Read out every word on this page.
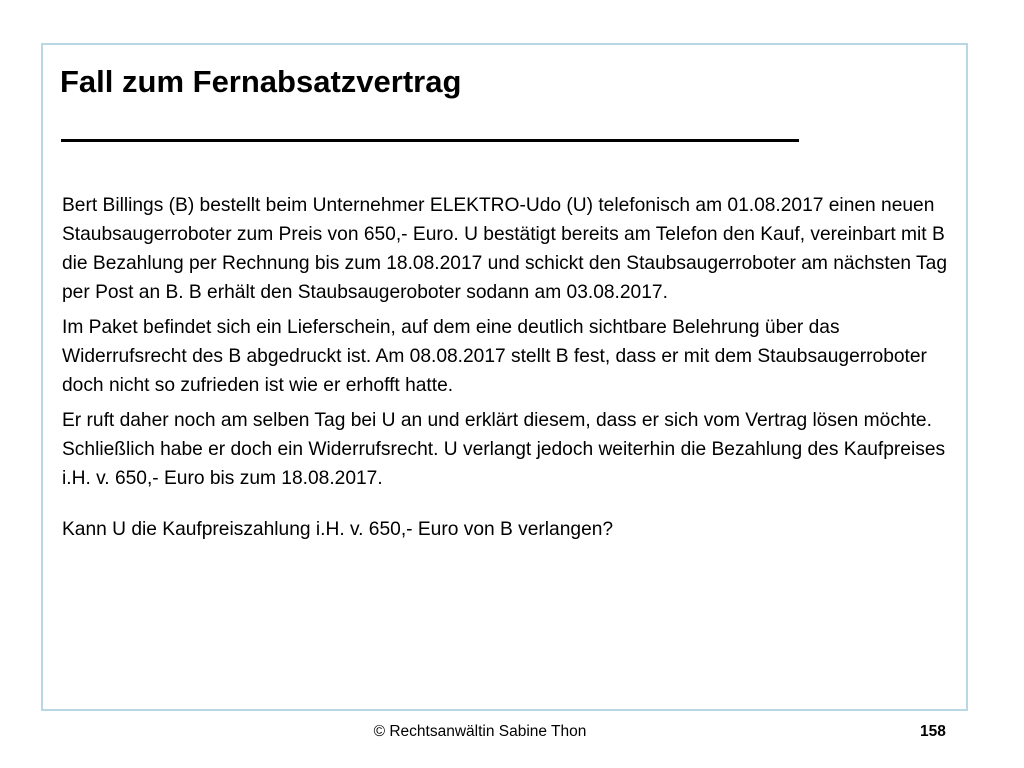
Fall zum Fernabsatzvertrag

Bert Billings (B) bestellt beim Unternehmer ELEKTRO-Udo (U) telefonisch am 01.08.2017 einen neuen Staubsaugerroboter zum Preis von 650,- Euro. U bestätigt bereits am Telefon den Kauf, vereinbart mit B die Bezahlung per Rechnung bis zum 18.08.2017 und schickt den Staubsaugerroboter am nächsten Tag per Post an B. B erhält den Staubsaugeroboter sodann am 03.08.2017.

Im Paket befindet sich ein Lieferschein, auf dem eine deutlich sichtbare Belehrung über das Widerrufsrecht des B abgedruckt ist. Am 08.08.2017 stellt B fest, dass er mit dem Staubsaugerroboter doch nicht so zufrieden ist wie er erhofft hatte.

Er ruft daher noch am selben Tag bei U an und erklärt diesem, dass er sich vom Vertrag lösen möchte. Schließlich habe er doch ein Widerrufsrecht. U verlangt jedoch weiterhin die Bezahlung des Kaufpreises i.H. v. 650,- Euro bis zum 18.08.2017.

Kann U die Kaufpreiszahlung i.H. v. 650,- Euro von B verlangen?

© Rechtsanwältin Sabine Thon	158
